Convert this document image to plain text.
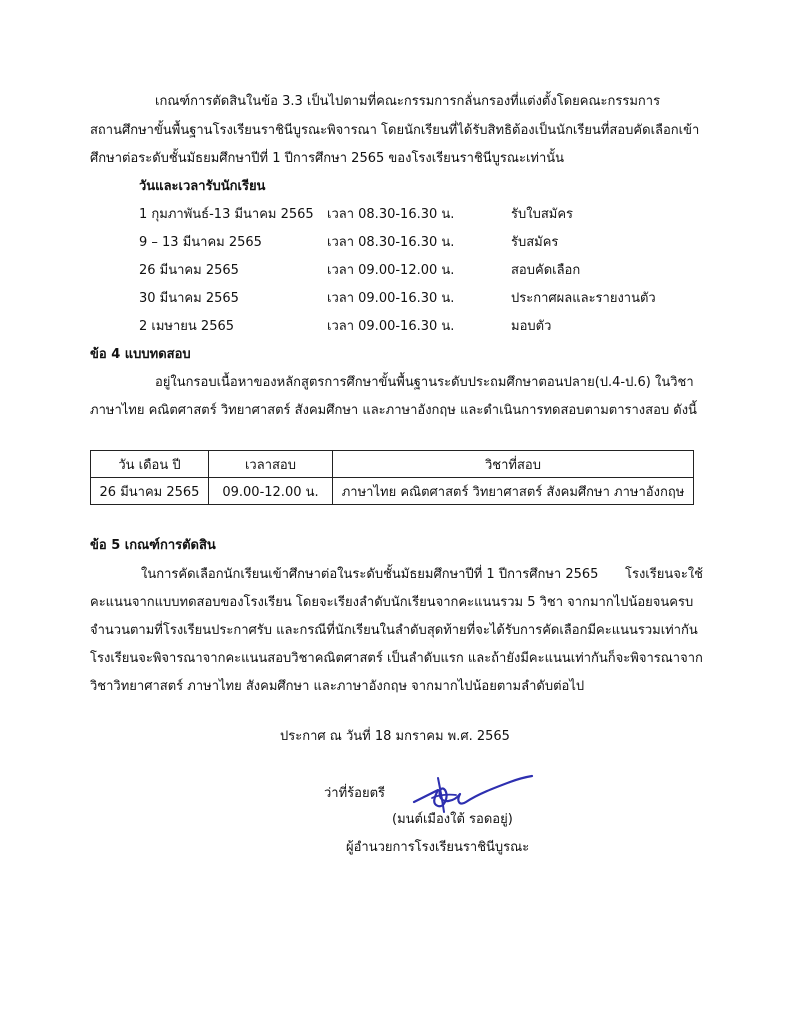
เกณฑ์การตัดสินในข้อ 3.3 เป็นไปตามที่คณะกรรมการกลั่นกรองที่แต่งตั้งโดยคณะกรรมการ
สถานศึกษาขั้นพื้นฐานโรงเรียนราชินีบูรณะพิจารณา โดยนักเรียนที่ได้รับสิทธิต้องเป็นนักเรียนที่สอบคัดเลือกเข้า
ศึกษาต่อระดับชั้นมัธยมศึกษาปีที่ 1 ปีการศึกษา 2565 ของโรงเรียนราชินีบูรณะเท่านั้น
วันและเวลารับนักเรียน
1 กุมภาพันธ์-13 มีนาคม 2565 เวลา 08.30-16.30 น.	รับใบสมัคร
9 – 13 มีนาคม 2565	เวลา 08.30-16.30 น.	รับสมัคร
26 มีนาคม 2565	เวลา 09.00-12.00 น.	สอบคัดเลือก
30 มีนาคม 2565	เวลา 09.00-16.30 น.	ประกาศผลและรายงานตัว
2 เมษายน 2565	เวลา 09.00-16.30 น.	มอบตัว
ข้อ 4 แบบทดสอบ
อยู่ในกรอบเนื้อหาของหลักสูตรการศึกษาขั้นพื้นฐานระดับประถมศึกษาตอนปลาย(ป.4-ป.6) ในวิชา
ภาษาไทย คณิตศาสตร์ วิทยาศาสตร์ สังคมศึกษา และภาษาอังกฤษ และดำเนินการทดสอบตามตารางสอบ ดังนี้
วัน เดือน ปี	เวลาสอบ	วิชาที่สอบ
26 มีนาคม 2565	09.00-12.00 น.	ภาษาไทย คณิตศาสตร์ วิทยาศาสตร์ สังคมศึกษา ภาษาอังกฤษ
ข้อ 5 เกณฑ์การตัดสิน
ในการคัดเลือกนักเรียนเข้าศึกษาต่อในระดับชั้นมัธยมศึกษาปีที่ 1 ปีการศึกษา 2565 โรงเรียนจะใช้
คะแนนจากแบบทดสอบของโรงเรียน โดยจะเรียงลำดับนักเรียนจากคะแนนรวม 5 วิชา จากมากไปน้อยจนครบ
จำนวนตามที่โรงเรียนประกาศรับ และกรณีที่นักเรียนในลำดับสุดท้ายที่จะได้รับการคัดเลือกมีคะแนนรวมเท่ากัน
โรงเรียนจะพิจารณาจากคะแนนสอบวิชาคณิตศาสตร์ เป็นลำดับแรก และถ้ายังมีคะแนนเท่ากันก็จะพิจารณาจาก
วิชาวิทยาศาสตร์ ภาษาไทย สังคมศึกษา และภาษาอังกฤษ จากมากไปน้อยตามลำดับต่อไป
ประกาศ ณ วันที่ 18 มกราคม พ.ศ. 2565
ว่าที่ร้อยตรี
(มนต์เมืองใต้ รอดอยู่)
ผู้อำนวยการโรงเรียนราชินีบูรณะ
